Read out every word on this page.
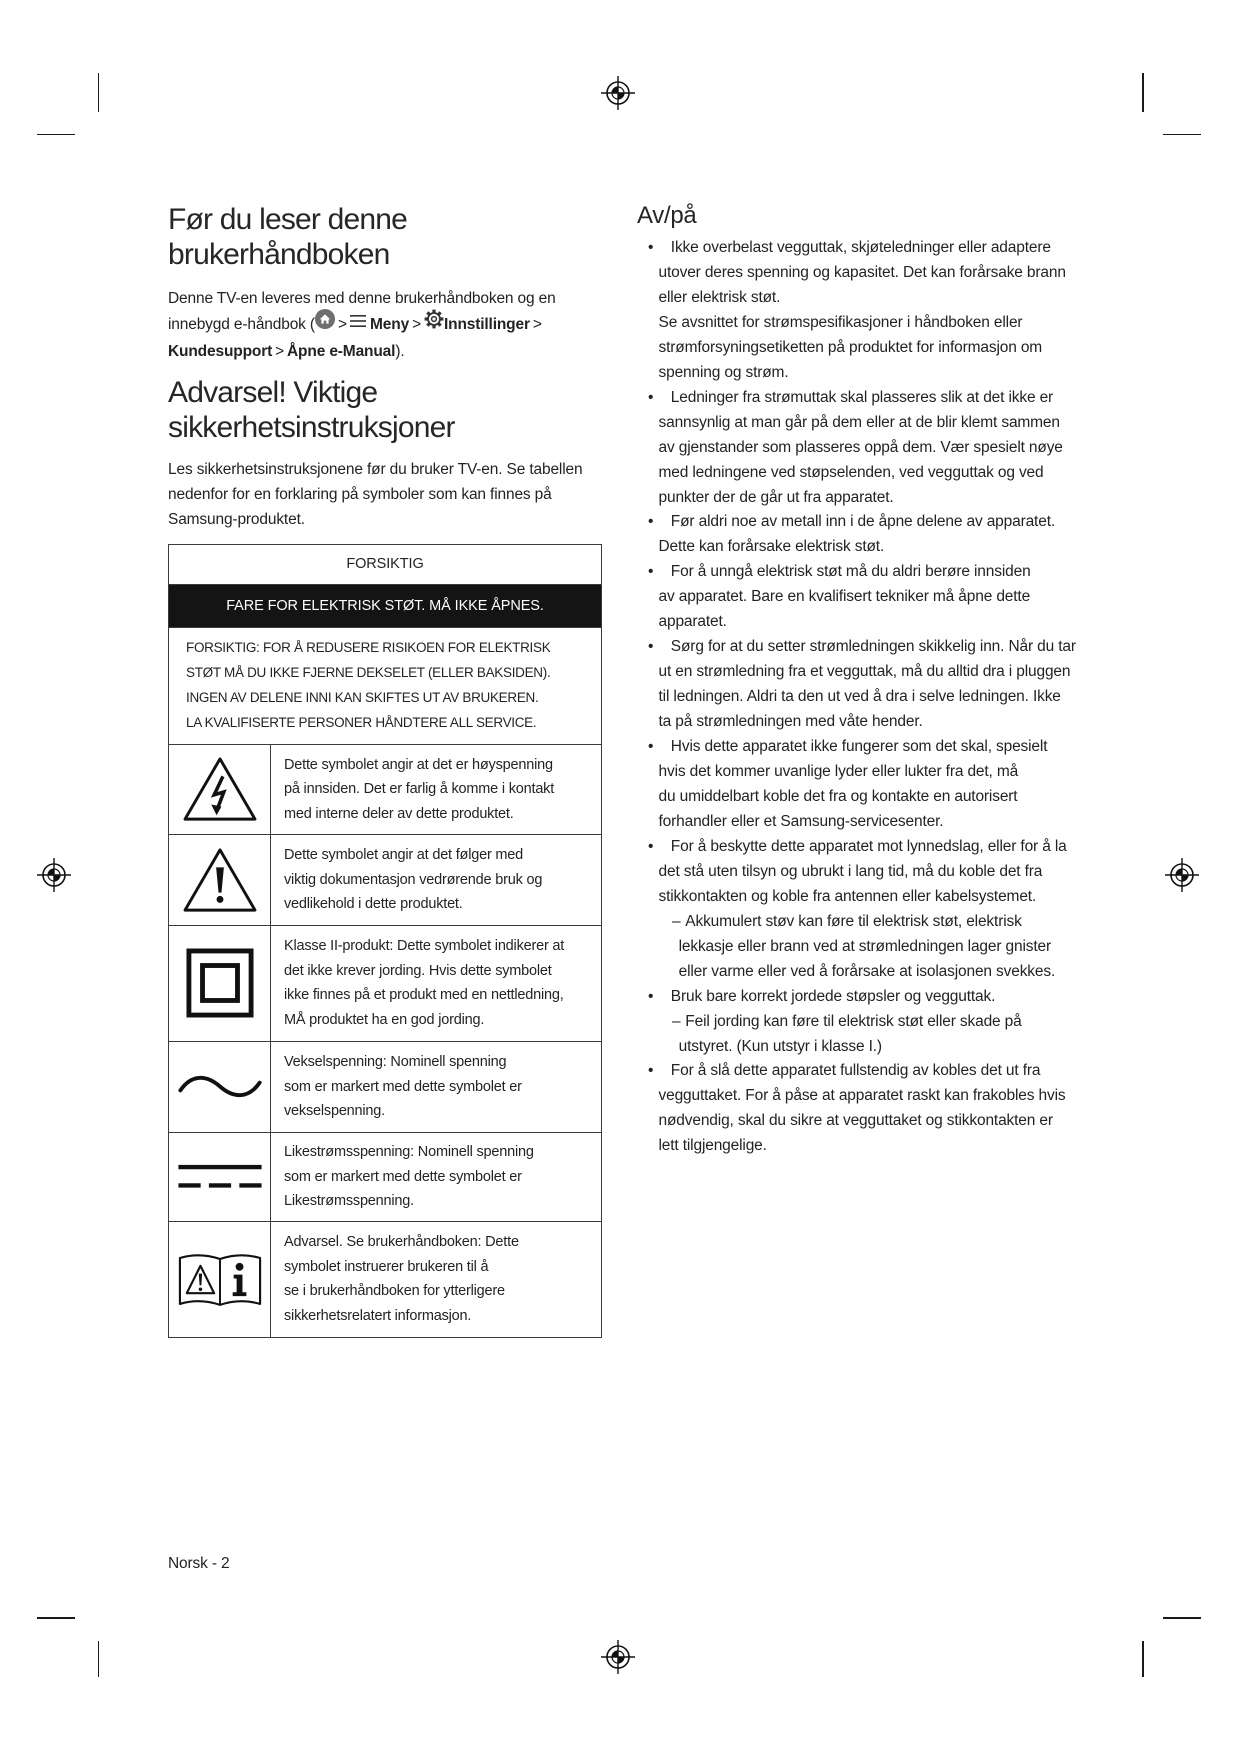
Før du leser denne
brukerhåndboken
Denne TV-en leveres med denne brukerhåndboken og en
innebygd e-håndbok ( > Meny > Innstillinger >
Kundesupport > Åpne e-Manual).
Advarsel! Viktige
sikkerhetsinstruksjoner
Les sikkerhetsinstruksjonene før du bruker TV-en. Se tabellen
nedenfor for en forklaring på symboler som kan finnes på
Samsung-produktet.
FORSIKTIG
FARE FOR ELEKTRISK STØT. MÅ IKKE ÅPNES.
FORSIKTIG: FOR Å REDUSERE RISIKOEN FOR ELEKTRISK
STØT MÅ DU IKKE FJERNE DEKSELET (ELLER BAKSIDEN).
INGEN AV DELENE INNI KAN SKIFTES UT AV BRUKEREN.
LA KVALIFISERTE PERSONER HÅNDTERE ALL SERVICE.
Dette symbolet angir at det er høyspenning
på innsiden. Det er farlig å komme i kontakt
med interne deler av dette produktet.
Dette symbolet angir at det følger med
viktig dokumentasjon vedrørende bruk og
vedlikehold i dette produktet.
Klasse II-produkt: Dette symbolet indikerer at
det ikke krever jording. Hvis dette symbolet
ikke finnes på et produkt med en nettledning,
MÅ produktet ha en god jording.
Vekselspenning: Nominell spenning
som er markert med dette symbolet er
vekselspenning.
Likestrømsspenning: Nominell spenning
som er markert med dette symbolet er
Likestrømsspenning.
Advarsel. Se brukerhåndboken: Dette
symbolet instruerer brukeren til å
se i brukerhåndboken for ytterligere
sikkerhetsrelatert informasjon.
Norsk - 2
Av/på
•	Ikke overbelast vegguttak, skjøteledninger eller adaptere
utover deres spenning og kapasitet. Det kan forårsake brann
eller elektrisk støt.
Se avsnittet for strømspesifikasjoner i håndboken eller
strømforsyningsetiketten på produktet for informasjon om
spenning og strøm.
•	Ledninger fra strømuttak skal plasseres slik at det ikke er
sannsynlig at man går på dem eller at de blir klemt sammen
av gjenstander som plasseres oppå dem. Vær spesielt nøye
med ledningene ved støpselenden, ved vegguttak og ved
punkter der de går ut fra apparatet.
•	Før aldri noe av metall inn i de åpne delene av apparatet.
Dette kan forårsake elektrisk støt.
•	For å unngå elektrisk støt må du aldri berøre innsiden
av apparatet. Bare en kvalifisert tekniker må åpne dette
apparatet.
•	Sørg for at du setter strømledningen skikkelig inn. Når du tar
ut en strømledning fra et vegguttak, må du alltid dra i pluggen
til ledningen. Aldri ta den ut ved å dra i selve ledningen. Ikke
ta på strømledningen med våte hender.
•	Hvis dette apparatet ikke fungerer som det skal, spesielt
hvis det kommer uvanlige lyder eller lukter fra det, må
du umiddelbart koble det fra og kontakte en autorisert
forhandler eller et Samsung-servicesenter.
•	For å beskytte dette apparatet mot lynnedslag, eller for å la
det stå uten tilsyn og ubrukt i lang tid, må du koble det fra
stikkontakten og koble fra antennen eller kabelsystemet.
– Akkumulert støv kan føre til elektrisk støt, elektrisk
lekkasje eller brann ved at strømledningen lager gnister
eller varme eller ved å forårsake at isolasjonen svekkes.
•	Bruk bare korrekt jordede støpsler og vegguttak.
– Feil jording kan føre til elektrisk støt eller skade på
utstyret. (Kun utstyr i klasse I.)
•	For å slå dette apparatet fullstendig av kobles det ut fra
vegguttaket. For å påse at apparatet raskt kan frakobles hvis
nødvendig, skal du sikre at vegguttaket og stikkontakten er
lett tilgjengelige.
